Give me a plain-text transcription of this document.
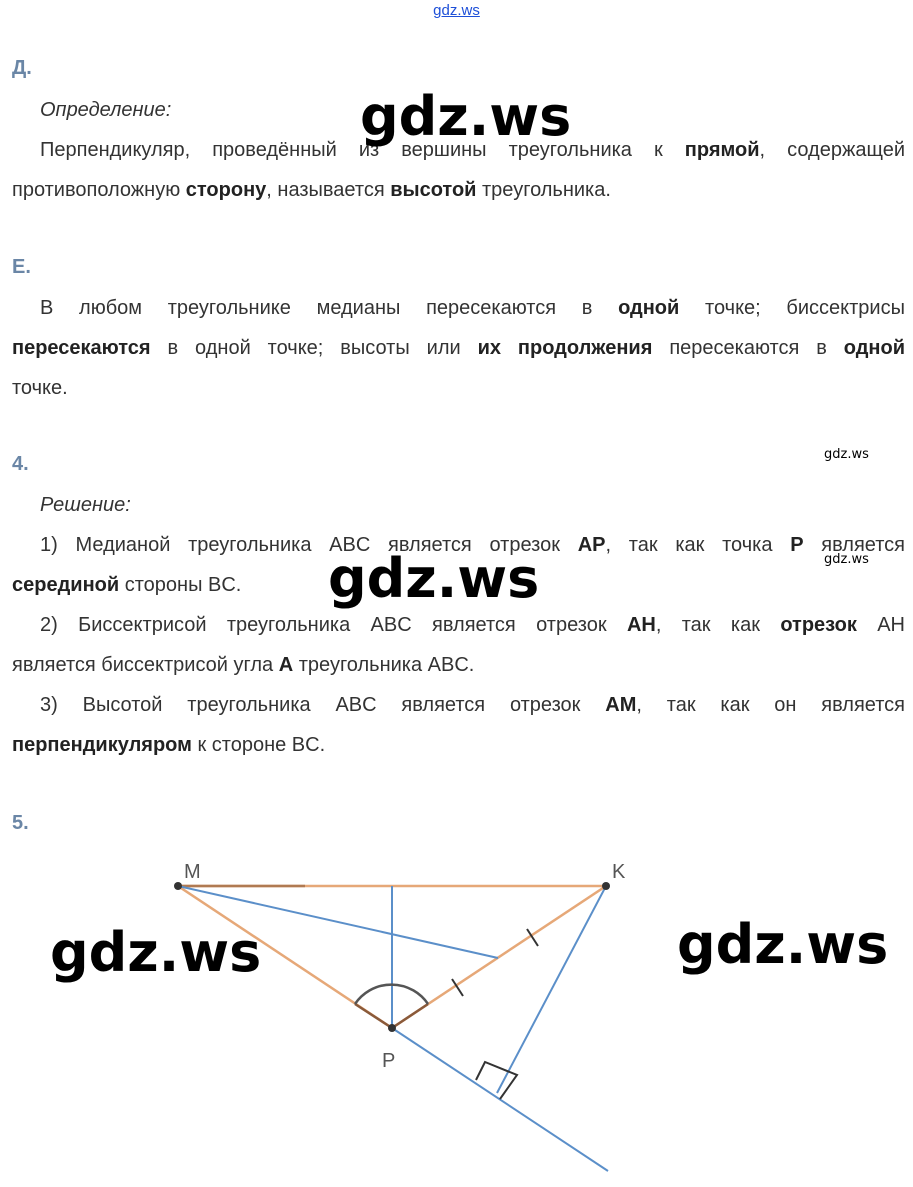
gdz.ws
Д.
Определение:
Перпендикуляр, проведённый из вершины треугольника к прямой, содержащей
противоположную сторону, называется высотой треугольника.
Е.
В любом треугольнике медианы пересекаются в одной точке; биссектрисы
пересекаются в одной точке; высоты или их продолжения пересекаются в одной
точке.
4.
Решение:
1) Медианой треугольника ABC является отрезок AP, так как точка P является
серединой стороны BC.
2) Биссектрисой треугольника ABC является отрезок AH, так как отрезок AH
является биссектрисой угла A треугольника ABC.
3) Высотой треугольника ABC является отрезок AM, так как он является
перпендикуляром к стороне BC.
5.
M	K
P
gdz.ws
gdz.ws
gdz.ws	gdz.ws
gdz.ws
gdz.ws
